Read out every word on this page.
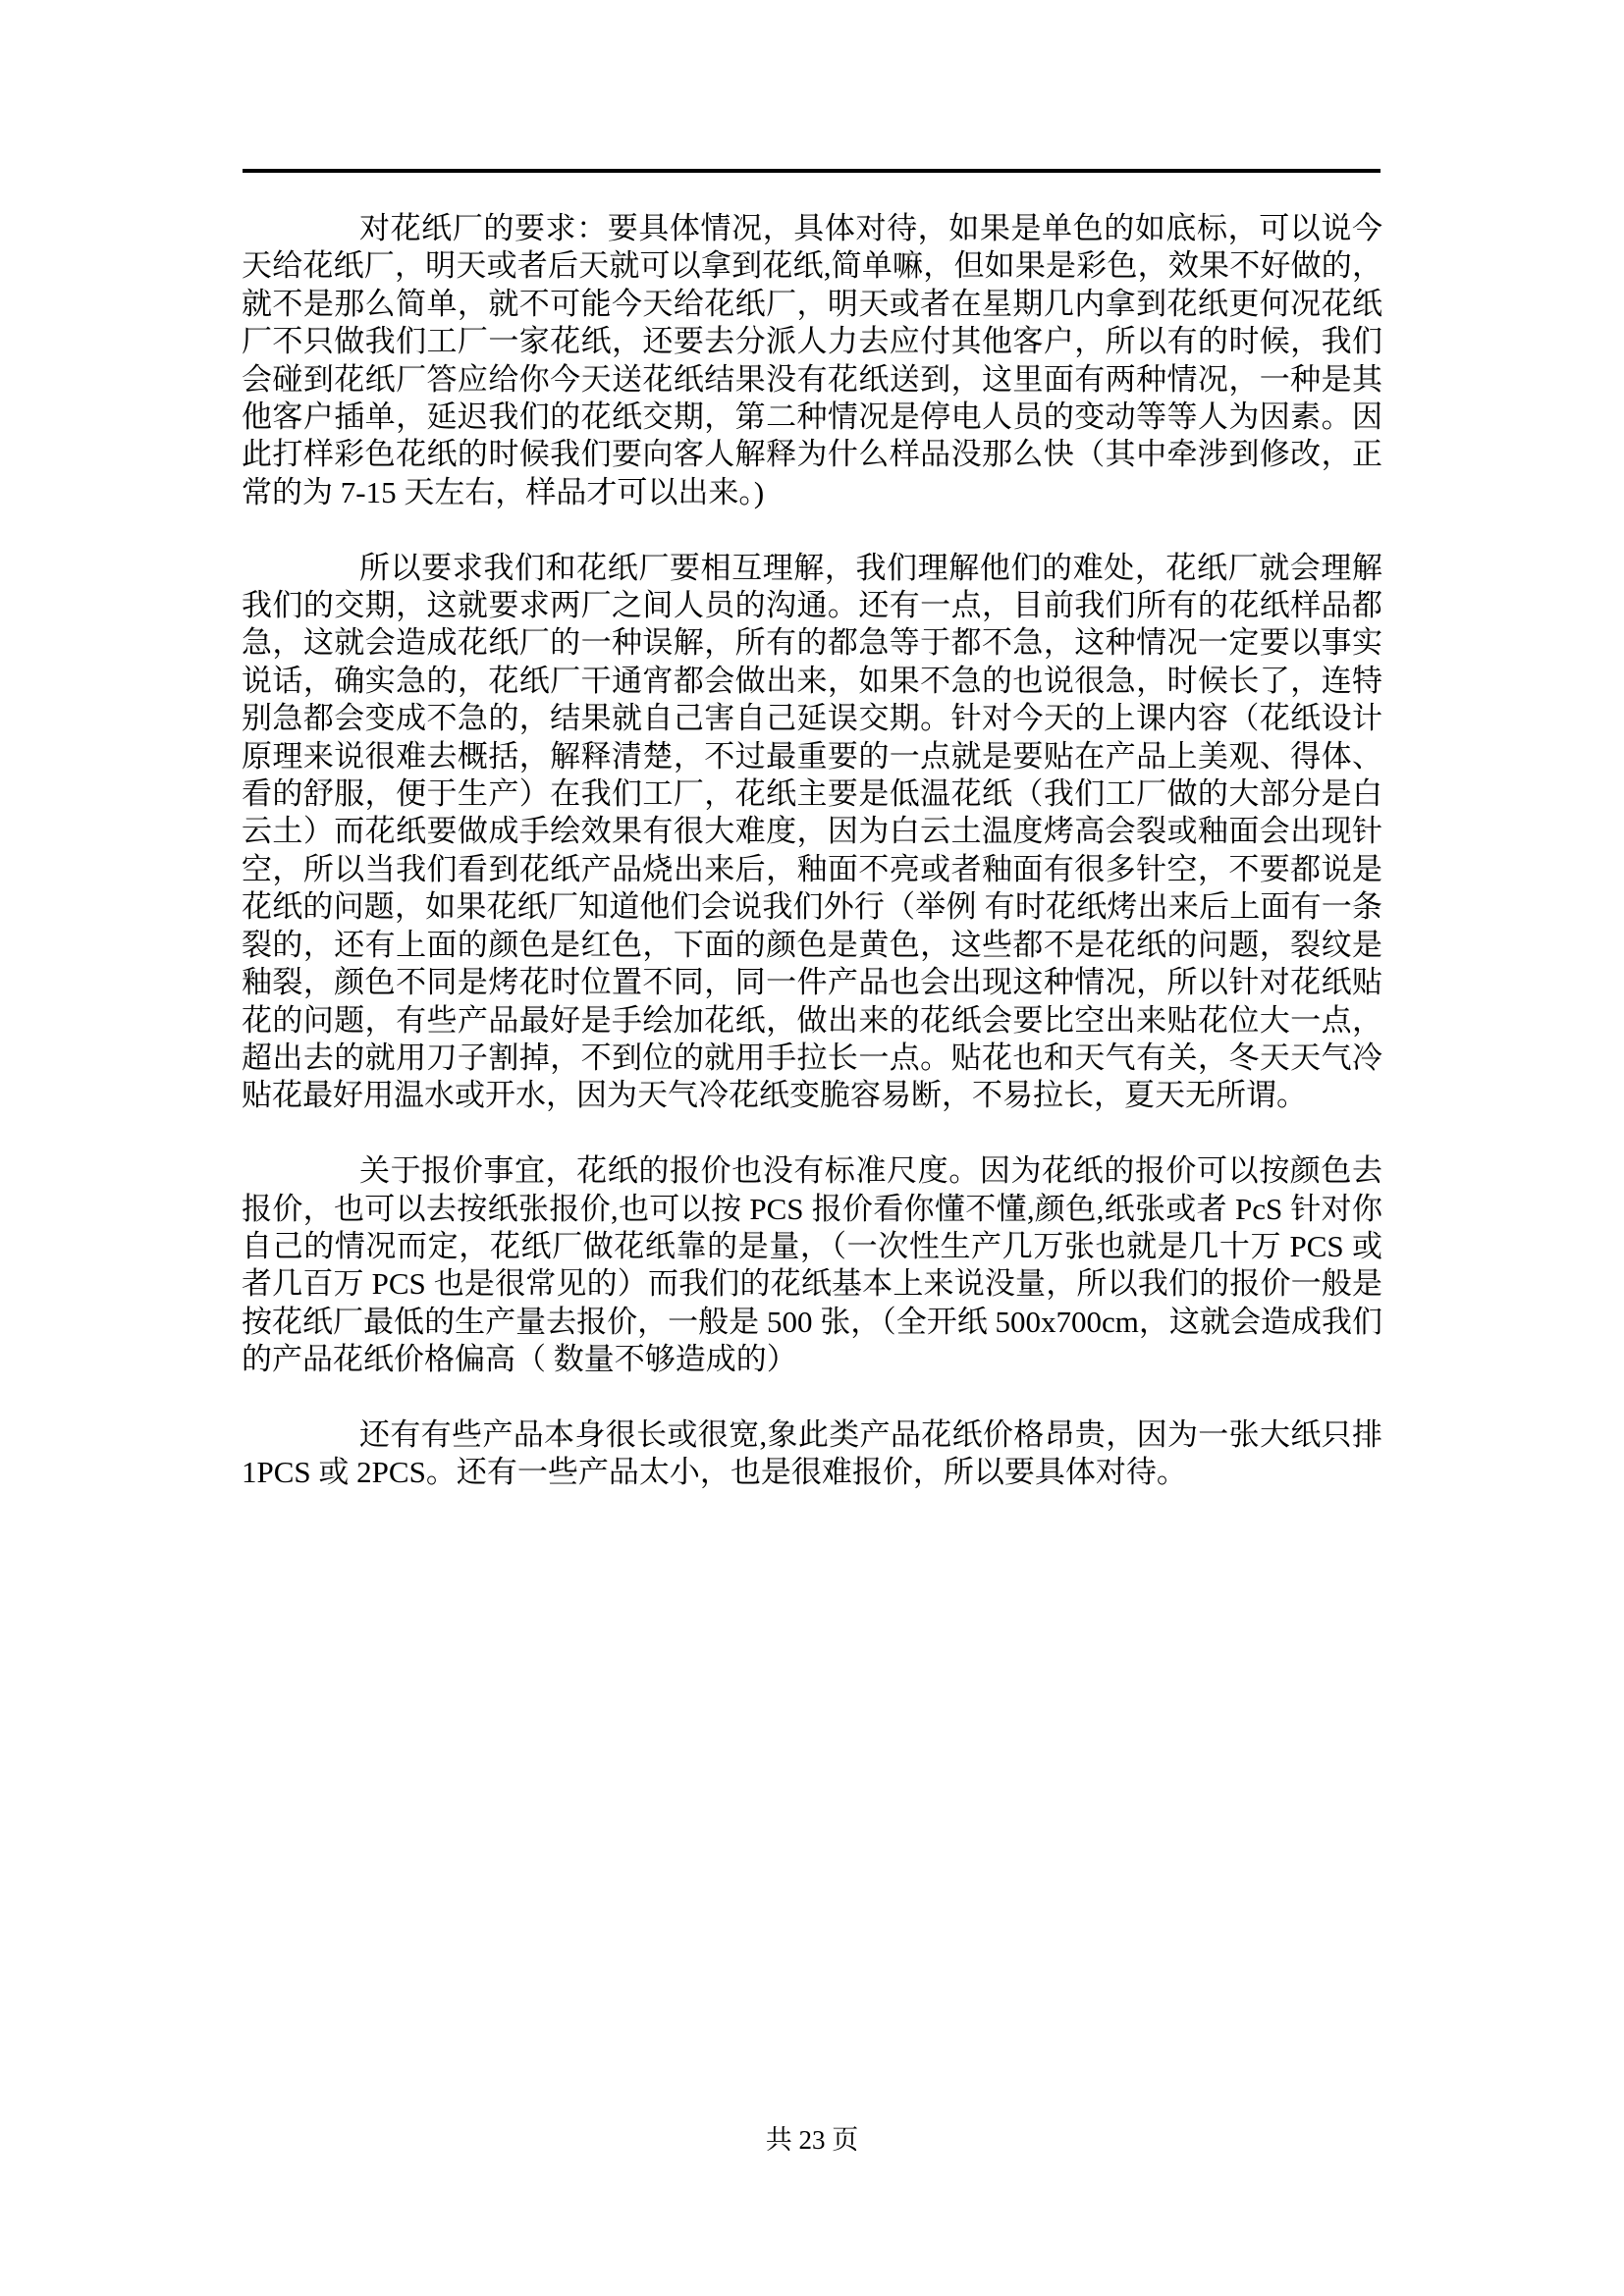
对花纸厂的要求：要具体情况，具体对待，如果是单色的如底标，可以说今天给花纸厂，明天或者后天就可以拿到花纸,简单嘛，但如果是彩色，效果不好做的，就不是那么简单，就不可能今天给花纸厂，明天或者在星期几内拿到花纸更何况花纸厂不只做我们工厂一家花纸，还要去分派人力去应付其他客户，所以有的时候，我们会碰到花纸厂答应给你今天送花纸结果没有花纸送到，这里面有两种情况，一种是其他客户插单，延迟我们的花纸交期，第二种情况是停电人员的变动等等人为因素。因此打样彩色花纸的时候我们要向客人解释为什么样品没那么快（其中牵涉到修改，正常的为 7-15 天左右，样品才可以出来。)

所以要求我们和花纸厂要相互理解，我们理解他们的难处，花纸厂就会理解我们的交期，这就要求两厂之间人员的沟通。还有一点，目前我们所有的花纸样品都急，这就会造成花纸厂的一种误解，所有的都急等于都不急，这种情况一定要以事实说话，确实急的，花纸厂干通宵都会做出来，如果不急的也说很急，时候长了，连特别急都会变成不急的，结果就自己害自己延误交期。针对今天的上课内容（花纸设计原理来说很难去概括，解释清楚，不过最重要的一点就是要贴在产品上美观、得体、看的舒服，便于生产）在我们工厂，花纸主要是低温花纸（我们工厂做的大部分是白云土）而花纸要做成手绘效果有很大难度，因为白云土温度烤高会裂或釉面会出现针空，所以当我们看到花纸产品烧出来后，釉面不亮或者釉面有很多针空，不要都说是花纸的问题，如果花纸厂知道他们会说我们外行（举例 有时花纸烤出来后上面有一条裂的，还有上面的颜色是红色，下面的颜色是黄色，这些都不是花纸的问题，裂纹是釉裂，颜色不同是烤花时位置不同，同一件产品也会出现这种情况，所以针对花纸贴花的问题，有些产品最好是手绘加花纸，做出来的花纸会要比空出来贴花位大一点，超出去的就用刀子割掉，不到位的就用手拉长一点。贴花也和天气有关，冬天天气冷贴花最好用温水或开水，因为天气冷花纸变脆容易断，不易拉长，夏天无所谓。

关于报价事宜，花纸的报价也没有标准尺度。因为花纸的报价可以按颜色去报价，也可以去按纸张报价,也可以按 PCS 报价看你懂不懂,颜色,纸张或者 PcS 针对你自己的情况而定，花纸厂做花纸靠的是量，（一次性生产几万张也就是几十万 PCS 或者几百万 PCS 也是很常见的）而我们的花纸基本上来说没量，所以我们的报价一般是按花纸厂最低的生产量去报价，一般是 500 张，（全开纸 500x700cm，这就会造成我们的产品花纸价格偏高（ 数量不够造成的）

还有有些产品本身很长或很宽,象此类产品花纸价格昂贵，因为一张大纸只排 1PCS 或 2PCS。还有一些产品太小，也是很难报价，所以要具体对待。

共 23 页
